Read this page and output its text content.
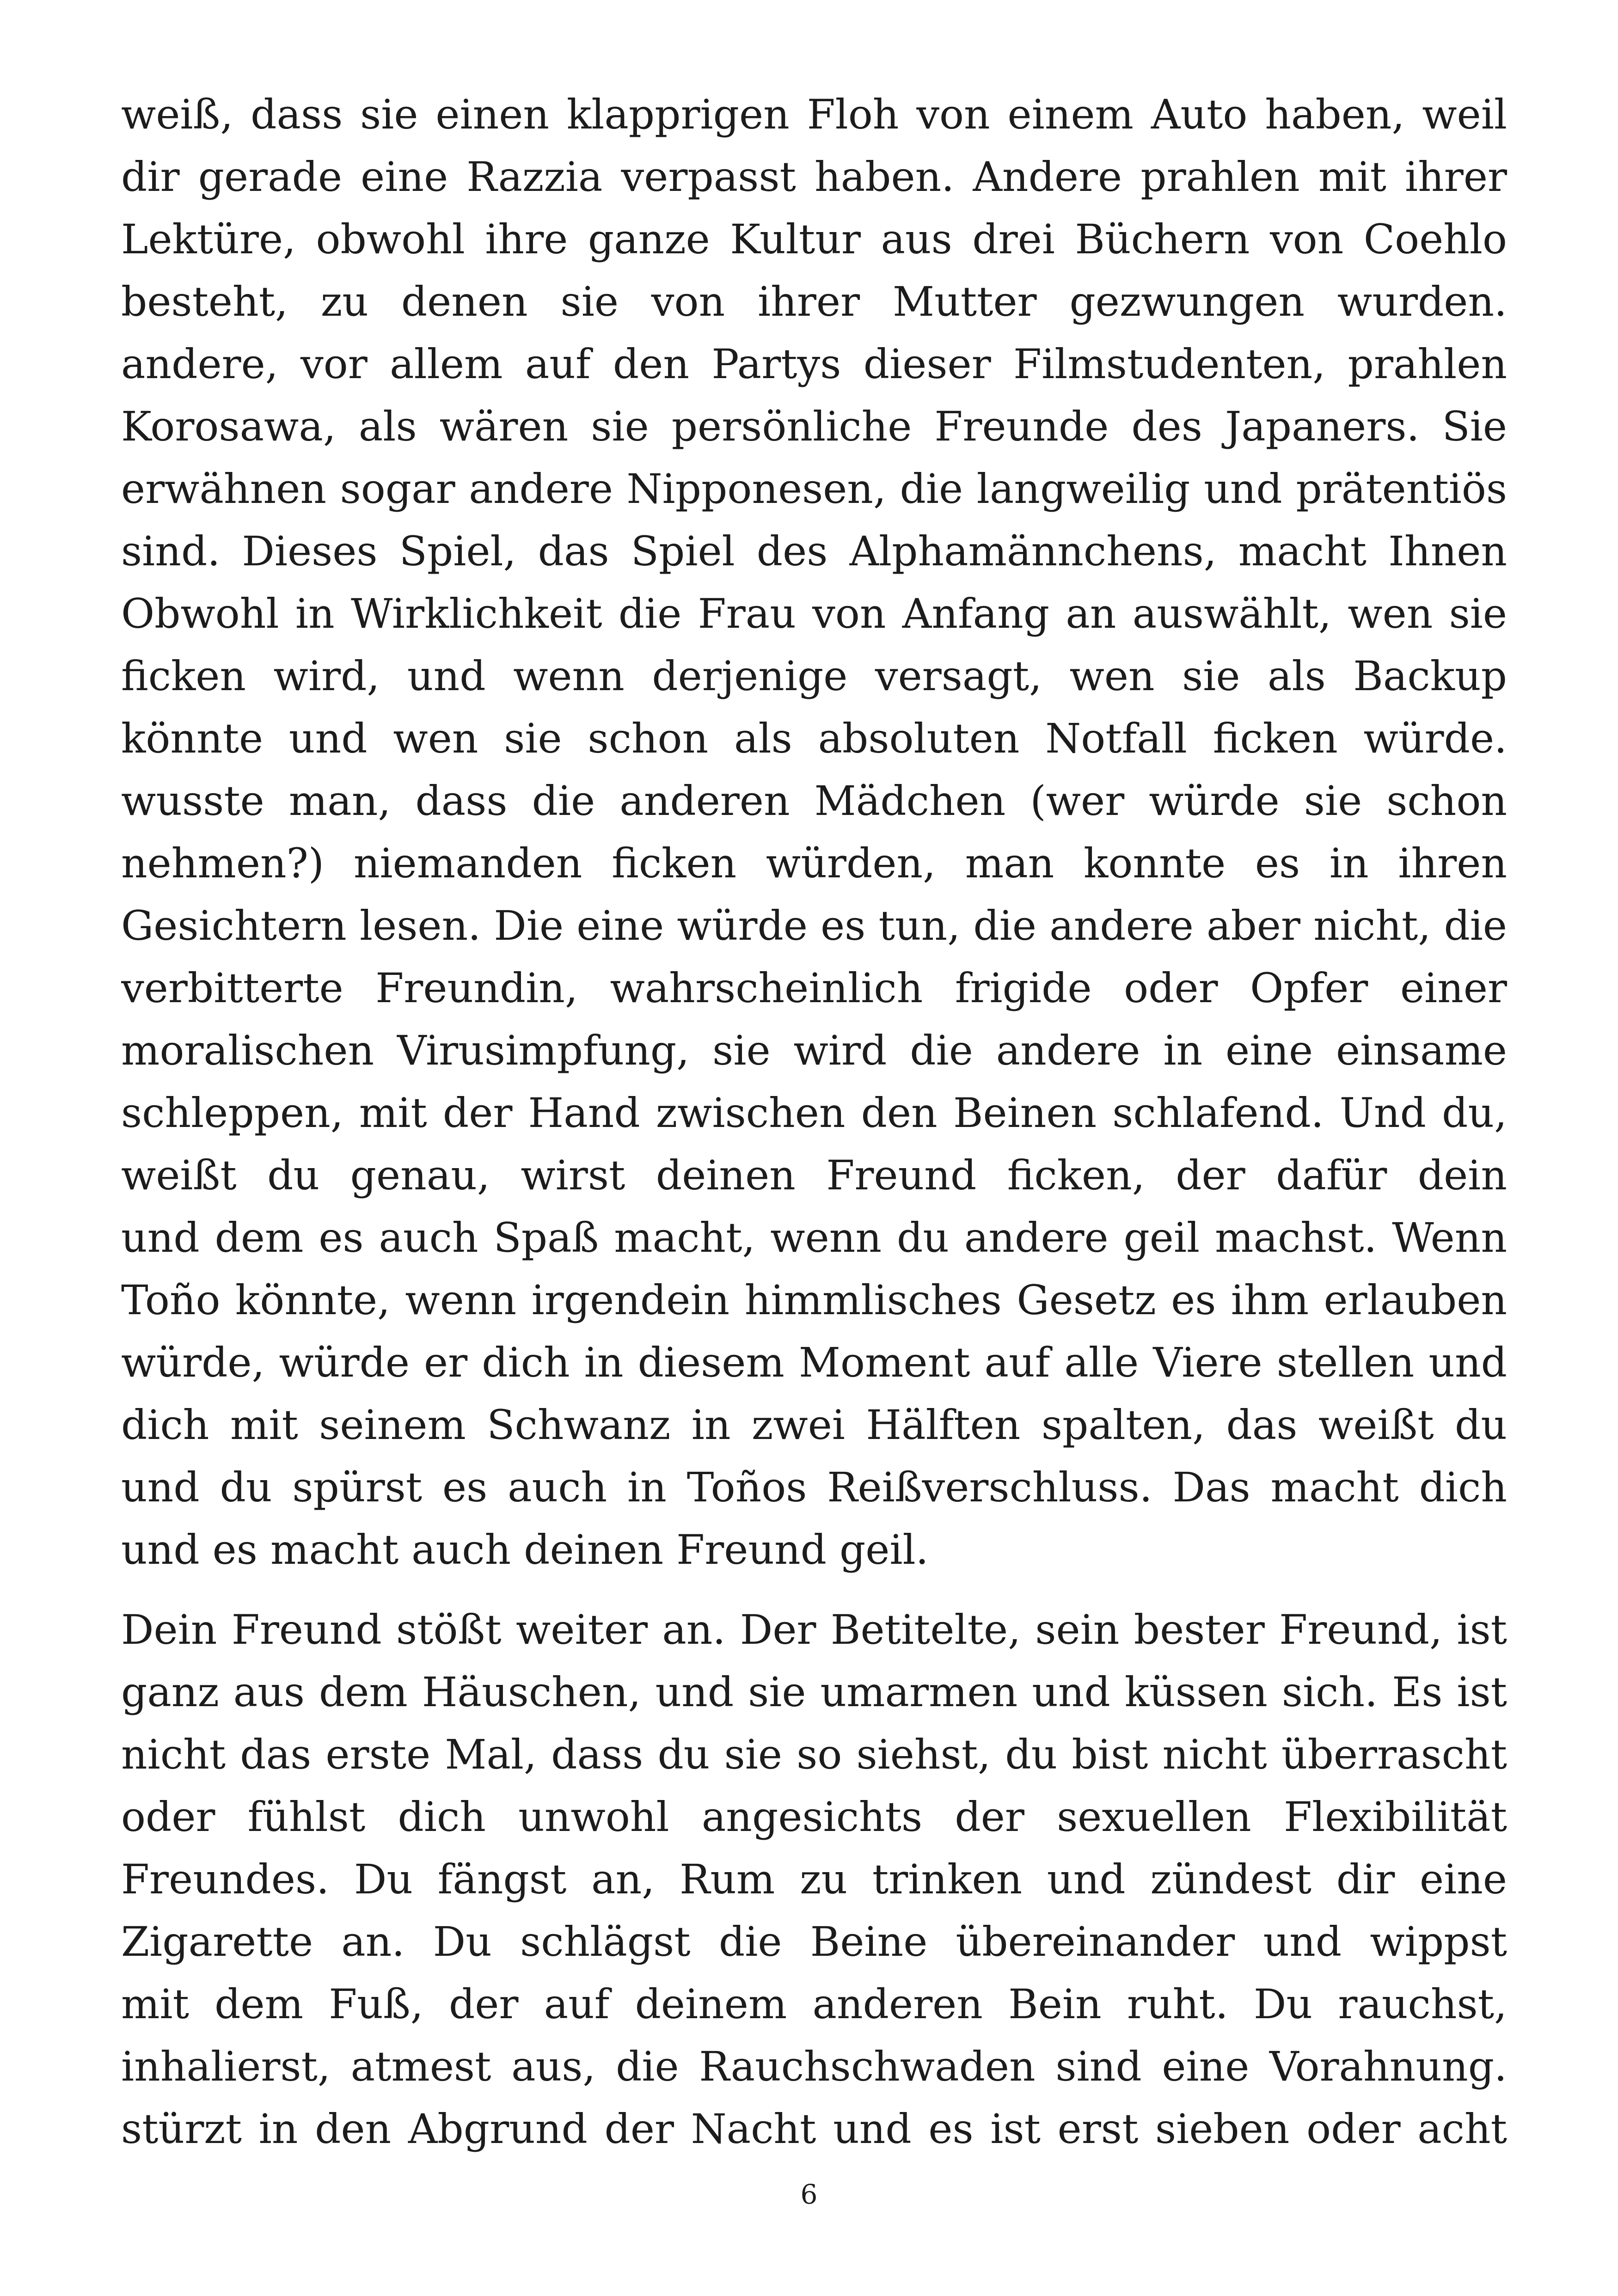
weiß, dass sie einen klapprigen Floh von einem Auto haben, weil
dir gerade eine Razzia verpasst haben. Andere prahlen mit ihrer
Lektüre, obwohl ihre ganze Kultur aus drei Büchern von Coehlo
besteht, zu denen sie von ihrer Mutter gezwungen wurden.
andere, vor allem auf den Partys dieser Filmstudenten, prahlen
Korosawa, als wären sie persönliche Freunde des Japaners. Sie
erwähnen sogar andere Nipponesen, die langweilig und prätentiös
sind. Dieses Spiel, das Spiel des Alphamännchens, macht Ihnen
Obwohl in Wirklichkeit die Frau von Anfang an auswählt, wen sie
ficken wird, und wenn derjenige versagt, wen sie als Backup
könnte und wen sie schon als absoluten Notfall ficken würde.
wusste man, dass die anderen Mädchen (wer würde sie schon
nehmen?) niemanden ficken würden, man konnte es in ihren
Gesichtern lesen. Die eine würde es tun, die andere aber nicht, die
verbitterte Freundin, wahrscheinlich frigide oder Opfer einer
moralischen Virusimpfung, sie wird die andere in eine einsame
schleppen, mit der Hand zwischen den Beinen schlafend. Und du,
weißt du genau, wirst deinen Freund ficken, der dafür dein
und dem es auch Spaß macht, wenn du andere geil machst. Wenn
Toño könnte, wenn irgendein himmlisches Gesetz es ihm erlauben
würde, würde er dich in diesem Moment auf alle Viere stellen und
dich mit seinem Schwanz in zwei Hälften spalten, das weißt du
und du spürst es auch in Toños Reißverschluss. Das macht dich
und es macht auch deinen Freund geil.
Dein Freund stößt weiter an. Der Betitelte, sein bester Freund, ist
ganz aus dem Häuschen, und sie umarmen und küssen sich. Es ist
nicht das erste Mal, dass du sie so siehst, du bist nicht überrascht
oder fühlst dich unwohl angesichts der sexuellen Flexibilität
Freundes. Du fängst an, Rum zu trinken und zündest dir eine
Zigarette an. Du schlägst die Beine übereinander und wippst
mit dem Fuß, der auf deinem anderen Bein ruht. Du rauchst,
inhalierst, atmest aus, die Rauchschwaden sind eine Vorahnung.
stürzt in den Abgrund der Nacht und es ist erst sieben oder acht
6
